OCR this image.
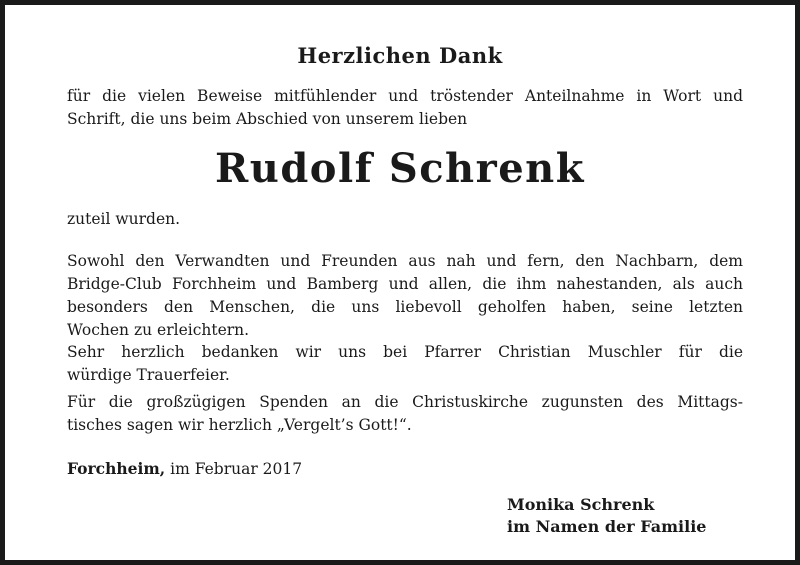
Herzlichen Dank
für die vielen Beweise mitfühlender und tröstender Anteilnahme in Wort und
Schrift, die uns beim Abschied von unserem lieben
Rudolf Schrenk
zuteil wurden.
Sowohl den Verwandten und Freunden aus nah und fern, den Nachbarn, dem
Bridge-Club Forchheim und Bamberg und allen, die ihm nahestanden, als auch
besonders den Menschen, die uns liebevoll geholfen haben, seine letzten
Wochen zu erleichtern.
Sehr herzlich bedanken wir uns bei Pfarrer Christian Muschler für die
würdige Trauerfeier.
Für die großzügigen Spenden an die Christuskirche zugunsten des Mittags-
tisches sagen wir herzlich „Vergelt’s Gott!“.
Forchheim, im Februar 2017
Monika Schrenk
im Namen der Familie
